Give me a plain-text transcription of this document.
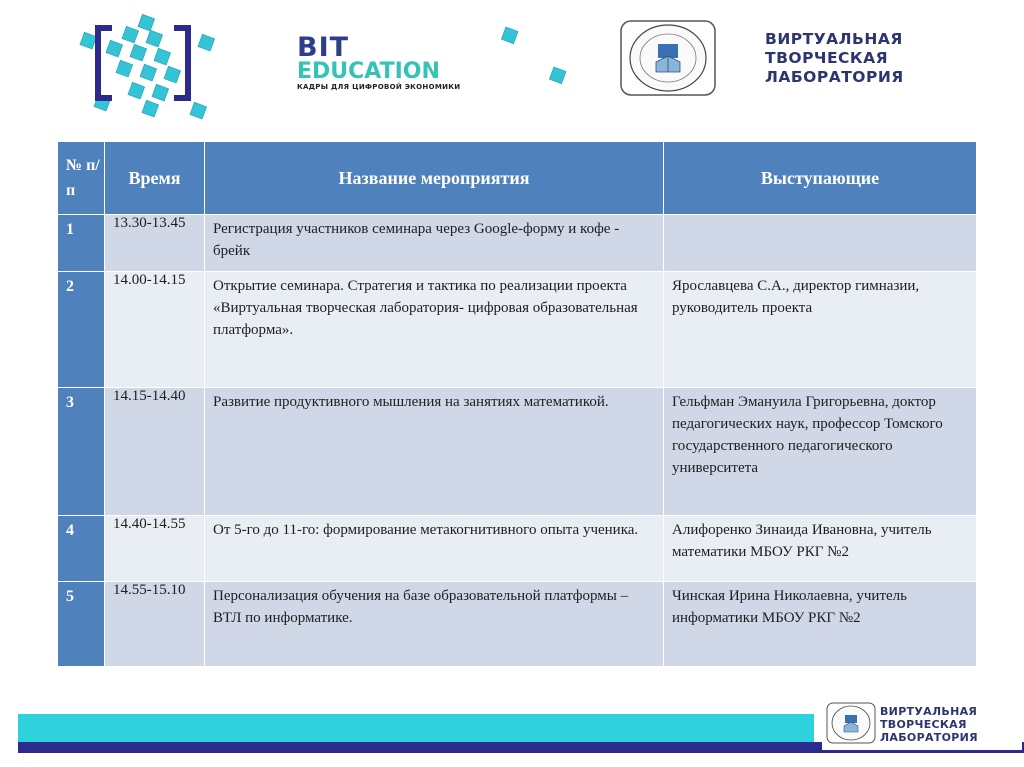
BIT
EDUCATION
КАДРЫ ДЛЯ ЦИФРОВОЙ ЭКОНОМИКИ
ВИРТУАЛЬНАЯ
ТВОРЧЕСКАЯ
ЛАБОРАТОРИЯ
№ п/п	Время	Название мероприятия	Выступающие
1	13.30-13.45	Регистрация участников семинара через Google-форму и кофе - брейк	
2	14.00-14.15	Открытие семинара. Стратегия и тактика по реализации проекта «Виртуальная творческая лаборатория- цифровая образовательная платформа».	Ярославцева С.А., директор гимназии, руководитель проекта
3	14.15-14.40	Развитие продуктивного мышления на занятиях математикой.	Гельфман Эмануила Григорьевна, доктор педагогических наук, профессор Томского государственного педагогического университета
4	14.40-14.55	От 5-го до 11-го: формирование метакогнитивного опыта ученика.	Алифоренко Зинаида Ивановна, учитель математики МБОУ РКГ №2
5	14.55-15.10	Персонализация обучения на базе образовательной платформы – ВТЛ по информатике.	Чинская Ирина Николаевна, учитель информатики МБОУ РКГ №2
ВИРТУАЛЬНАЯ
ТВОРЧЕСКАЯ
ЛАБОРАТОРИЯ
